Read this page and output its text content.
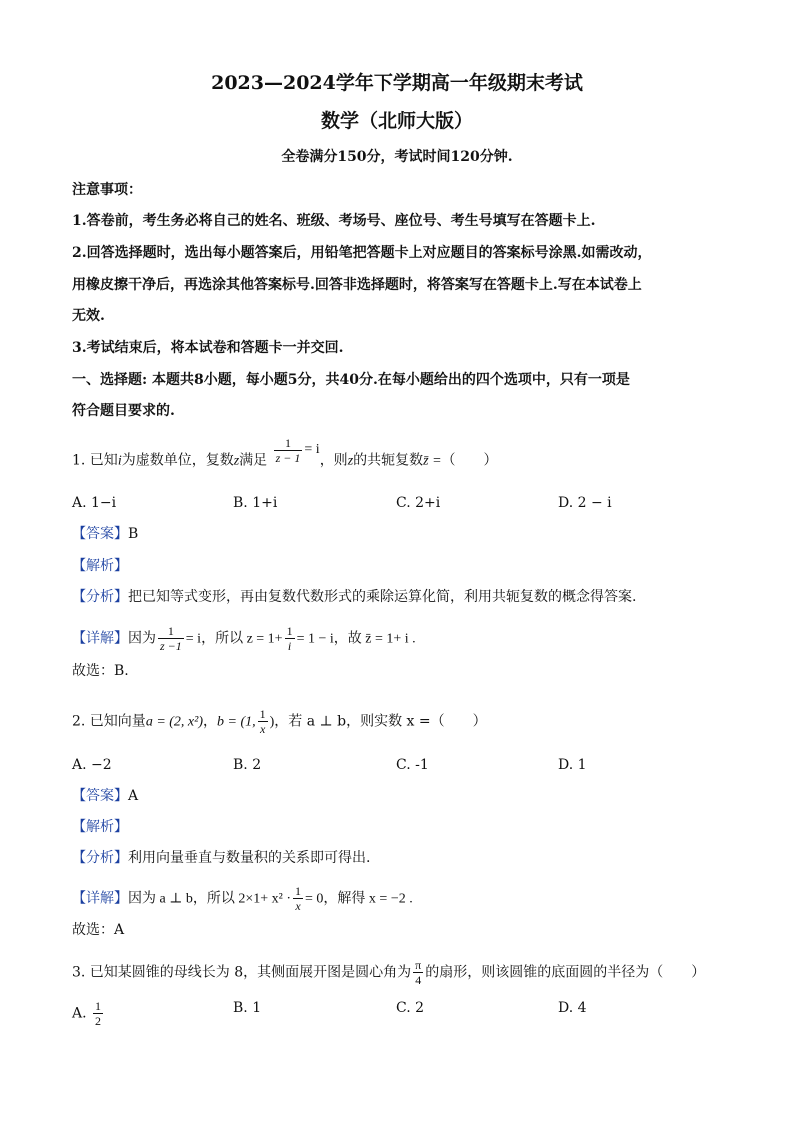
2023—2024学年下学期高一年级期末考试
数学（北师大版）
全卷满分150分，考试时间120分钟.
注意事项：
1.答卷前，考生务必将自己的姓名、班级、考场号、座位号、考生号填写在答题卡上.
2.回答选择题时，选出每小题答案后，用铅笔把答题卡上对应题目的答案标号涂黑.如需改动，
用橡皮擦干净后，再选涂其他答案标号.回答非选择题时，将答案写在答题卡上.写在本试卷上
无效.
3.考试结束后，将本试卷和答题卡一并交回.
一、选择题: 本题共8小题，每小题5分，共40分.在每小题给出的四个选项中，只有一项是
符合题目要求的.
1. 已知i为虚数单位，复数z满足 $\frac{1}{z - 1} = i$，则z的共轭复数z̄ =（　　）
A. 1−i	B. 1+i	C. 2+i	D. 2 − i
【答案】B
【解析】
【分析】把已知等式变形，再由复数代数形式的乘除运算化简，利用共轭复数的概念得答案.
【详解】因为 $\frac{1}{z -1} = i$，所以 $z = 1+ \frac{1}{i} = 1 - i$，故 z̄ = 1+ i .
故选：B.
2. 已知向量a = (2, x²)，b = (1, $\frac{1}{x}$ )，若 a ⊥ b，则实数 x =（　　）
A. −2	B. 2	C. -1	D. 1
【答案】A
【解析】
【分析】利用向量垂直与数量积的关系即可得出.
【详解】因为 a ⊥ b，所以 $2\times 1+ x^2 \cdot \frac{1}{x} = 0$，解得 x = −2 .
故选：A
3. 已知某圆锥的母线长为 8，其侧面展开图是圆心角为 $\frac{\pi}{4}$ 的扇形，则该圆锥的底面圆的半径为（　　）
A. $\frac{1}{2}$	B. 1	C. 2	D. 4
